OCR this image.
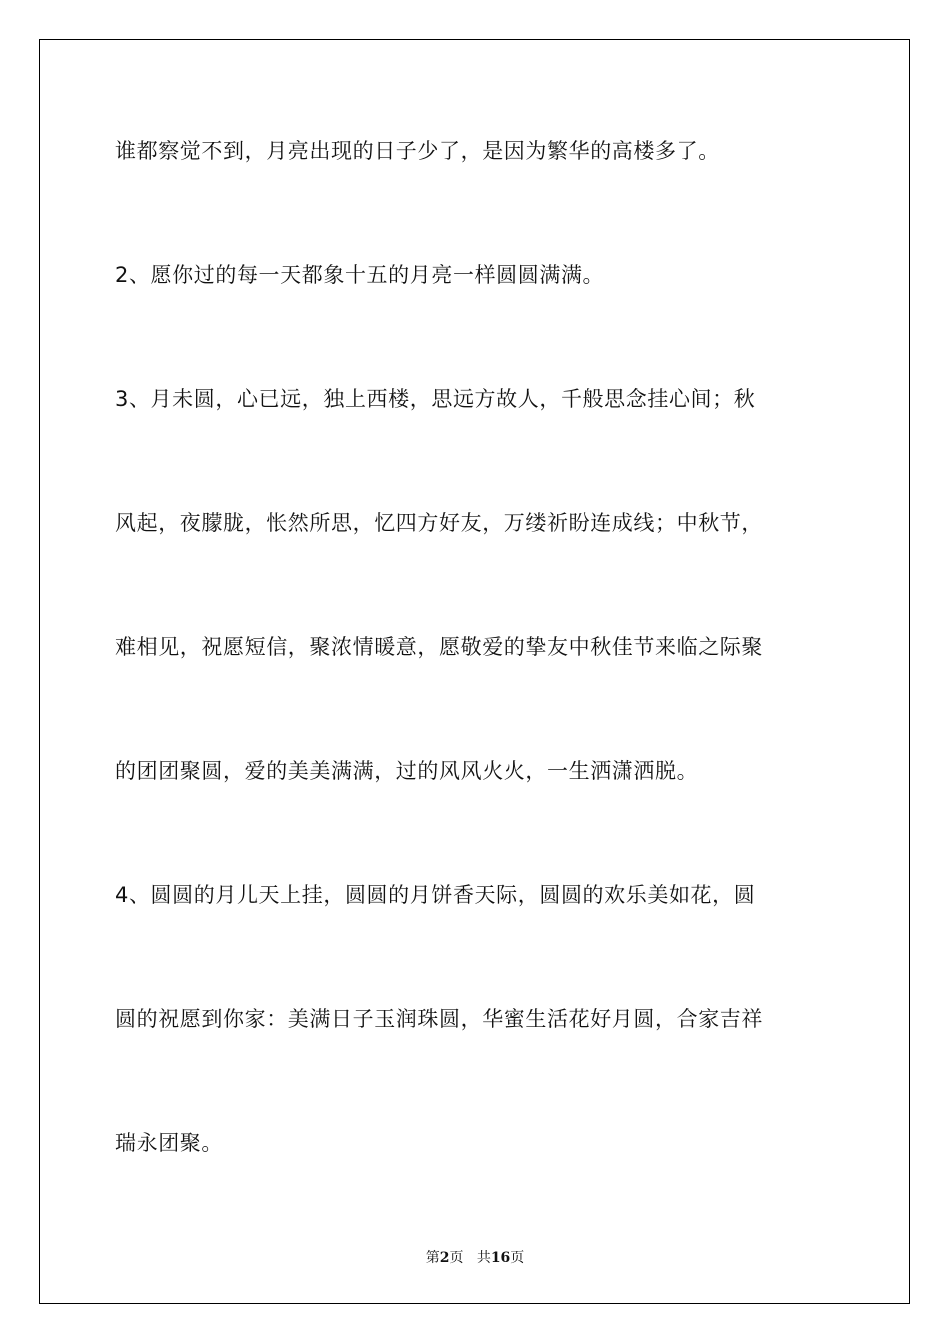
谁都察觉不到，月亮出现的日子少了，是因为繁华的高楼多了。
2、愿你过的每一天都象十五的月亮一样圆圆满满。
3、月未圆，心已远，独上西楼，思远方故人，千般思念挂心间；秋
风起，夜朦胧，怅然所思，忆四方好友，万缕祈盼连成线；中秋节，
难相见，祝愿短信，聚浓情暖意，愿敬爱的挚友中秋佳节来临之际聚
的团团聚圆，爱的美美满满，过的风风火火，一生洒潇洒脱。
4、圆圆的月儿天上挂，圆圆的月饼香天际，圆圆的欢乐美如花，圆
圆的祝愿到你家：美满日子玉润珠圆，华蜜生活花好月圆，合家吉祥
瑞永团聚。
第2页 共16页
